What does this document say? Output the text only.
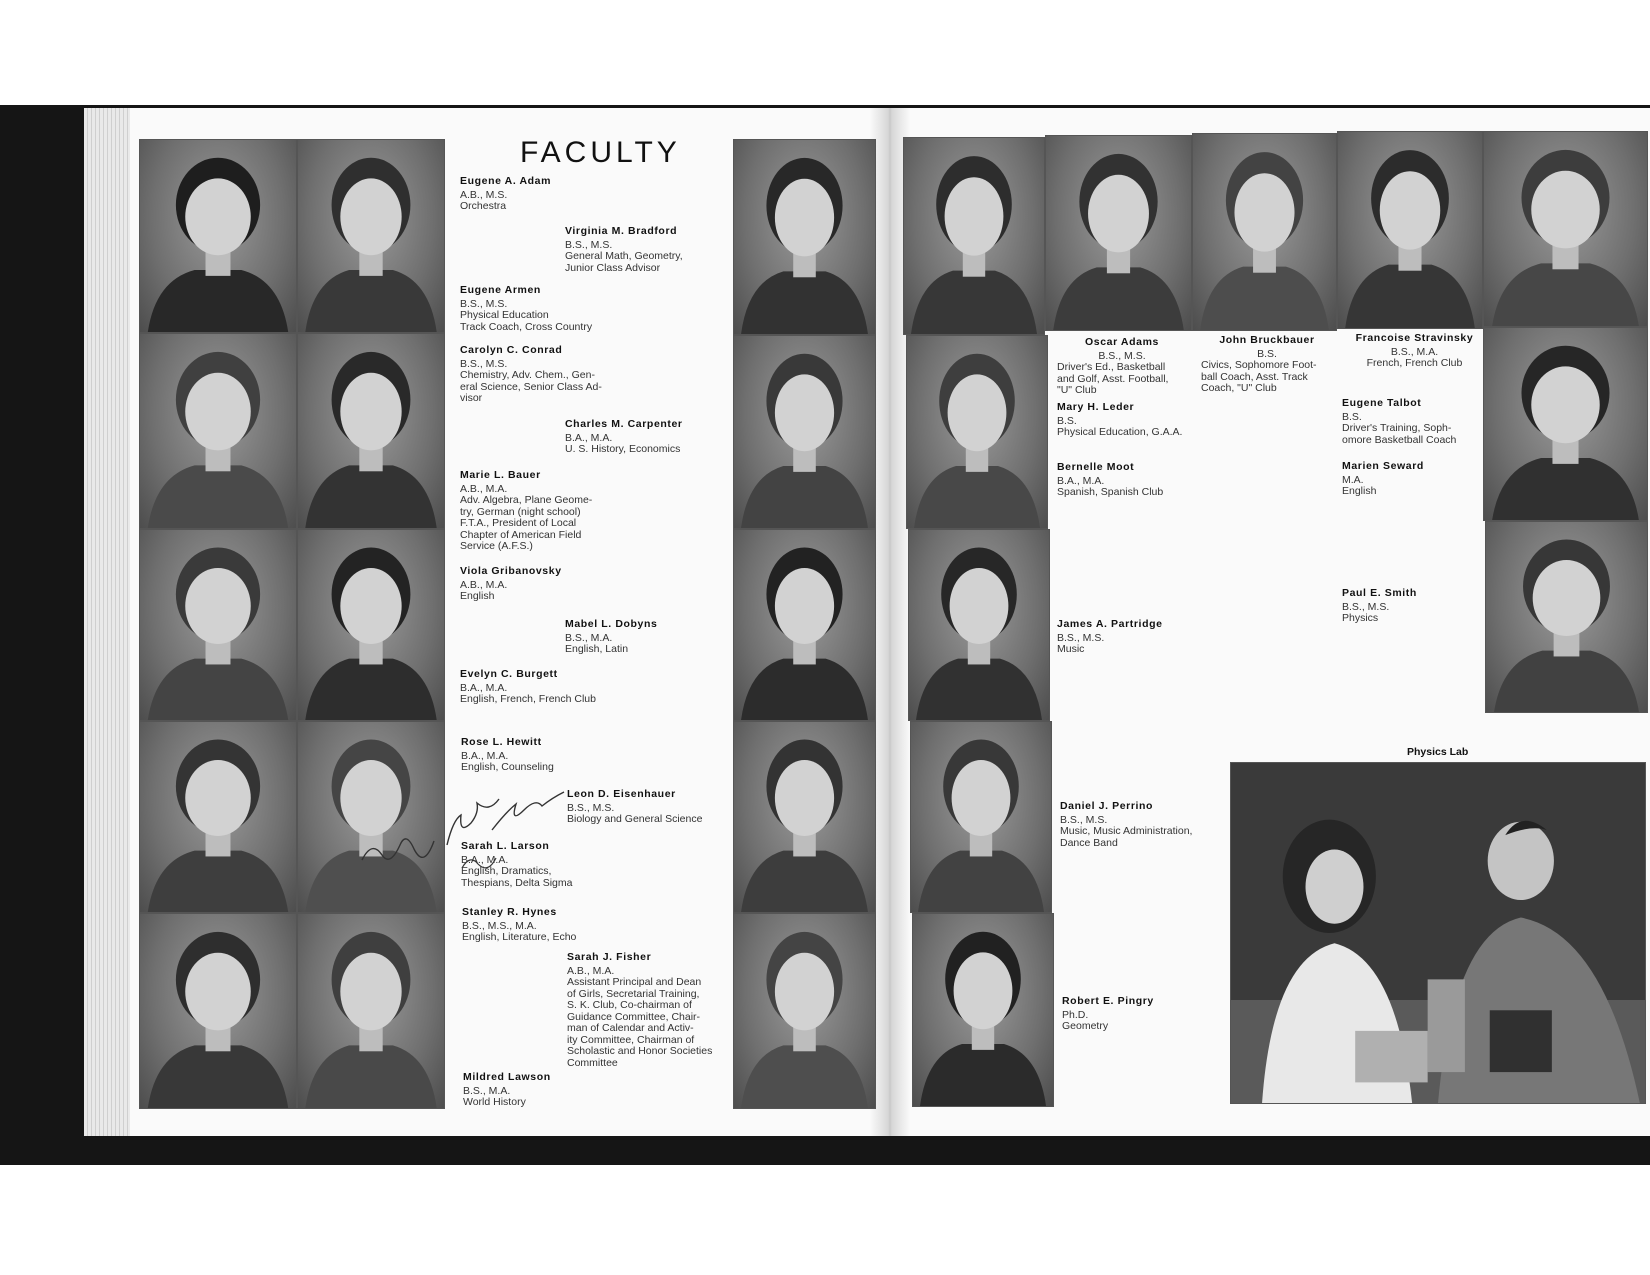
FACULTY
Physics Lab
Eugene A. Adam
A.B., M.S.
Orchestra
Virginia M. Bradford
B.S., M.S.
General Math, Geometry,
Junior Class Advisor
Eugene Armen
B.S., M.S.
Physical Education
Track Coach, Cross Country
Carolyn C. Conrad
B.S., M.S.
Chemistry, Adv. Chem., Gen-
eral Science, Senior Class Ad-
visor
Charles M. Carpenter
B.A., M.A.
U. S. History, Economics
Marie L. Bauer
A.B., M.A.
Adv. Algebra, Plane Geome-
try, German (night school)
F.T.A., President of Local
Chapter of American Field
Service (A.F.S.)
Viola Gribanovsky
A.B., M.A.
English
Mabel L. Dobyns
B.S., M.A.
English, Latin
Evelyn C. Burgett
B.A., M.A.
English, French, French Club
Rose L. Hewitt
B.A., M.A.
English, Counseling
Leon D. Eisenhauer
B.S., M.S.
Biology and General Science
Sarah L. Larson
B.A., M.A.
English, Dramatics,
Thespians, Delta Sigma
Stanley R. Hynes
B.S., M.S., M.A.
English, Literature, Echo
Sarah J. Fisher
A.B., M.A.
Assistant Principal and Dean
of Girls, Secretarial Training,
S. K. Club, Co-chairman of
Guidance Committee, Chair-
man of Calendar and Activ-
ity Committee, Chairman of
Scholastic and Honor Societies
Committee
Mildred Lawson
B.S., M.A.
World History
Oscar Adams
B.S., M.S.
Driver's Ed., Basketball
and Golf, Asst. Football,
"U" Club
John Bruckbauer
B.S.
Civics, Sophomore Foot-
ball Coach, Asst. Track
Coach, "U" Club
Francoise Stravinsky
B.S., M.A.
French, French Club
Mary H. Leder
B.S.
Physical Education, G.A.A.
Eugene Talbot
B.S.
Driver's Training, Soph-
omore Basketball Coach
Bernelle Moot
B.A., M.A.
Spanish, Spanish Club
Marien Seward
M.A.
English
Paul E. Smith
B.S., M.S.
Physics
James A. Partridge
B.S., M.S.
Music
Daniel J. Perrino
B.S., M.S.
Music, Music Administration,
Dance Band
Robert E. Pingry
Ph.D.
Geometry
